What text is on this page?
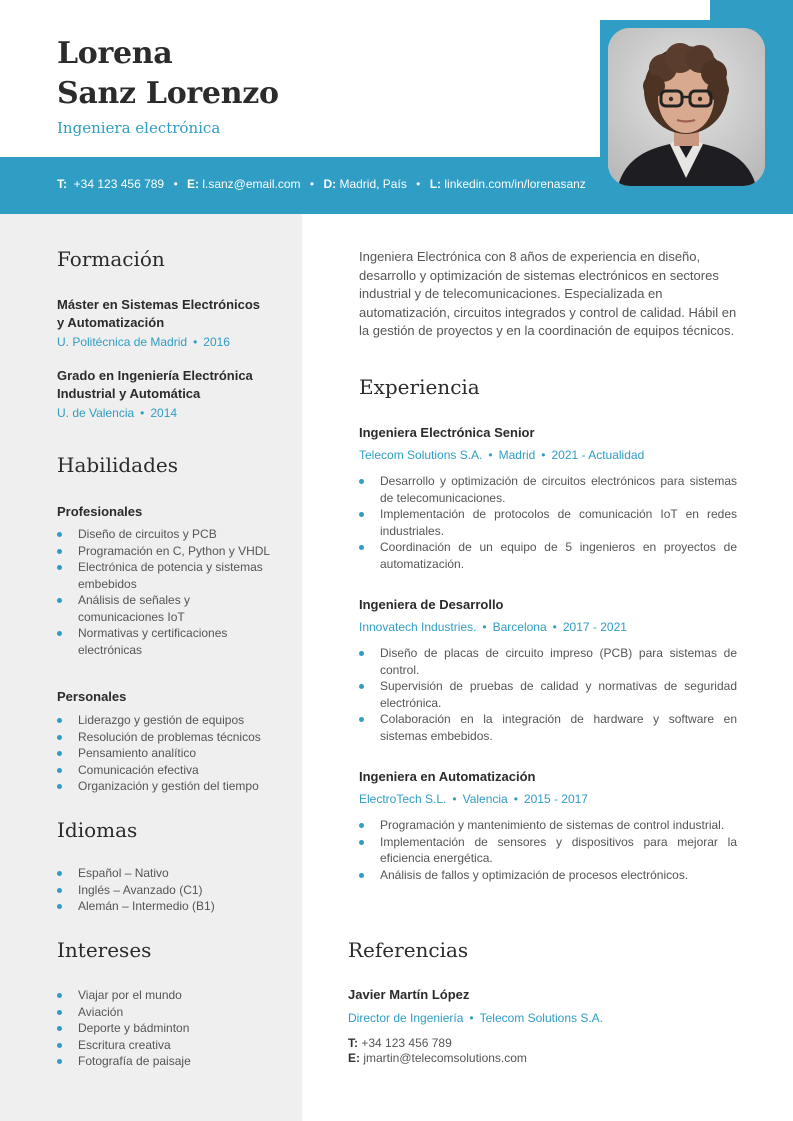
Lorena
Sanz Lorenzo
Ingeniera electrónica
T: +34 123 456 789 • E: l.sanz@email.com • D: Madrid, País • L: linkedin.com/in/lorenasanz
Formación
Máster en Sistemas Electrónicos
y Automatización
U. Politécnica de Madrid • 2016
Grado en Ingeniería Electrónica
Industrial y Automática
U. de Valencia • 2014
Habilidades
Profesionales
Diseño de circuitos y PCB
Programación en C, Python y VHDL
Electrónica de potencia y sistemas embebidos
Análisis de señales y comunicaciones IoT
Normativas y certificaciones electrónicas
Personales
Liderazgo y gestión de equipos
Resolución de problemas técnicos
Pensamiento analítico
Comunicación efectiva
Organización y gestión del tiempo
Idiomas
Español – Nativo
Inglés – Avanzado (C1)
Alemán – Intermedio (B1)
Intereses
Viajar por el mundo
Aviación
Deporte y bádminton
Escritura creativa
Fotografía de paisaje
Ingeniera Electrónica con 8 años de experiencia en diseño, desarrollo y optimización de sistemas electrónicos en sectores industrial y de telecomunicaciones. Especializada en automatización, circuitos integrados y control de calidad. Hábil en la gestión de proyectos y en la coordinación de equipos técnicos.
Experiencia
Ingeniera Electrónica Senior
Telecom Solutions S.A. • Madrid • 2021 - Actualidad
Desarrollo y optimización de circuitos electrónicos para sistemas de telecomunicaciones.
Implementación de protocolos de comunicación IoT en redes industriales.
Coordinación de un equipo de 5 ingenieros en proyectos de automatización.
Ingeniera de Desarrollo
Innovatech Industries. • Barcelona • 2017 - 2021
Diseño de placas de circuito impreso (PCB) para sistemas de control.
Supervisión de pruebas de calidad y normativas de seguridad electrónica.
Colaboración en la integración de hardware y software en sistemas embebidos.
Ingeniera en Automatización
ElectroTech S.L. • Valencia • 2015 - 2017
Programación y mantenimiento de sistemas de control industrial.
Implementación de sensores y dispositivos para mejorar la eficiencia energética.
Análisis de fallos y optimización de procesos electrónicos.
Referencias
Javier Martín López
Director de Ingeniería • Telecom Solutions S.A.
T: +34 123 456 789
E: jmartin@telecomsolutions.com
